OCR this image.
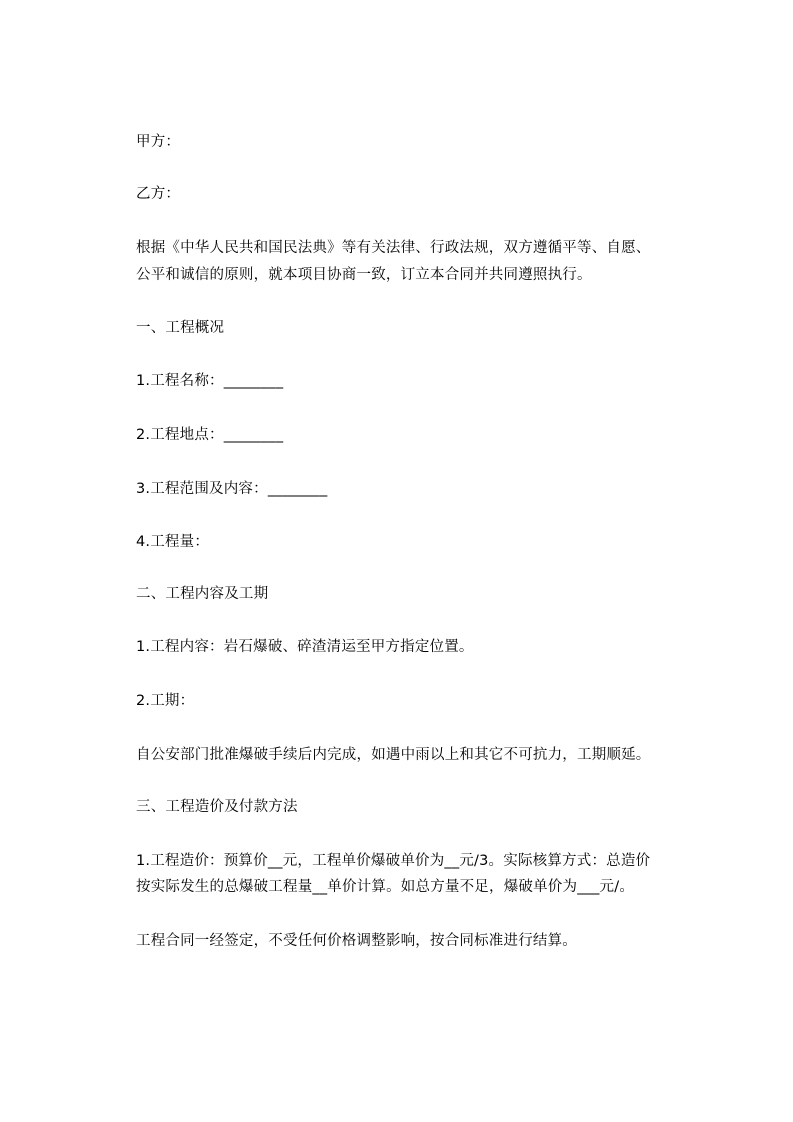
甲方：
乙方：
根据《中华人民共和国民法典》等有关法律、行政法规，双方遵循平等、自愿、
公平和诚信的原则，就本项目协商一致，订立本合同并共同遵照执行。
一、工程概况
1.工程名称：________
2.工程地点：________
3.工程范围及内容：________
4.工程量：
二、工程内容及工期
1.工程内容：岩石爆破、碎渣清运至甲方指定位置。
2.工期：
自公安部门批准爆破手续后内完成，如遇中雨以上和其它不可抗力，工期顺延。
三、工程造价及付款方法
1.工程造价：预算价__元，工程单价爆破单价为__元/3。实际核算方式：总造价
按实际发生的总爆破工程量__单价计算。如总方量不足，爆破单价为___元/。
工程合同一经签定，不受任何价格调整影响，按合同标准进行结算。
